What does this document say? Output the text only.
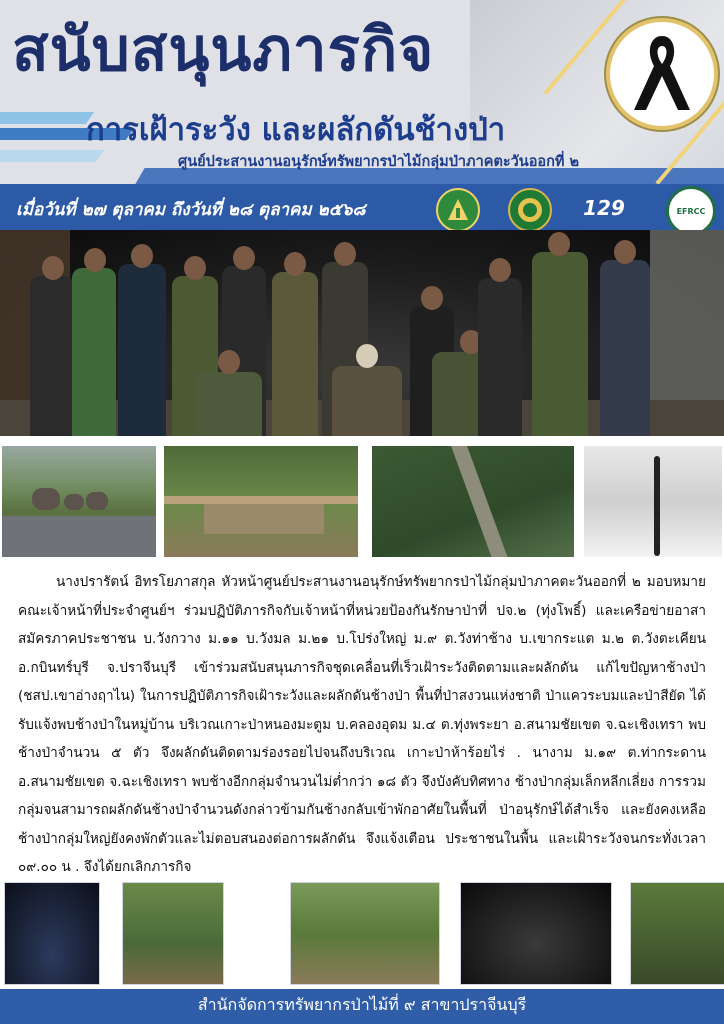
สนับสนุนภารกิจ
การเฝ้าระวัง และผลักดันช้างป่า
ศูนย์ประสานงานอนุรักษ์ทรัพยากรป่าไม้กลุ่มป่าภาคตะวันออกที่ ๒
เมื่อวันที่ ๒๗ ตุลาคม ถึงวันที่ ๒๘ ตุลาคม ๒๕๖๘	129	EFRCC
นางปรารัตน์ อิทรโยภาสกุล หัวหน้าศูนย์ประสานงานอนุรักษ์ทรัพยากรป่าไม้กลุ่มป่าภาคตะวันออกที่ ๒ มอบหมายคณะเจ้าหน้าที่ประจำศูนย์ฯ ร่วมปฏิบัติภารกิจกับเจ้าหน้าที่หน่วยป้องกันรักษาป่าที่ ปจ.๒ (ทุ่งโพธิ์) และเครือข่ายอาสาสมัครภาคประชาชน บ.วังกวาง ม.๑๑ บ.วังมล ม.๒๑ บ.โปร่งใหญ่ ม.๙ ต.วังท่าช้าง บ.เขากระแต ม.๒ ต.วังตะเคียน อ.กบินทร์บุรี จ.ปราจีนบุรี เข้าร่วมสนับสนุนภารกิจชุดเคลื่อนที่เร็วเฝ้าระวังติดตามและผลักดัน แก้ไขปัญหาช้างป่า (ชสป.เขาอ่างฤาไน) ในการปฏิบัติภารกิจเฝ้าระวังและผลักดันช้างป่า พื้นที่ป่าสงวนแห่งชาติ ป่าแควระบมและป่าสียัด ได้รับแจ้งพบช้างป่าในหมู่บ้าน บริเวณเกาะป่าหนองมะตูม บ.คลองอุดม ม.๔ ต.ทุ่งพระยา อ.สนามชัยเขต จ.ฉะเชิงเทรา พบช้างป่าจำนวน ๕ ตัว จึงผลักดันติดตามร่องรอยไปจนถึงบริเวณ เกาะป่าห้าร้อยไร่ . นางาม ม.๑๙ ต.ท่ากระดาน อ.สนามชัยเขต จ.ฉะเชิงเทรา พบช้างอีกกลุ่มจำนวนไม่ต่ำกว่า ๑๘ ตัว จึงบังคับทิศทาง ช้างป่ากลุ่มเล็กหลีกเลี่ยง การรวมกลุ่มจนสามารถผลักดันช้างป่าจำนวนดังกล่าวข้ามกันช้างกลับเข้าพักอาศัยในพื้นที่ ป่าอนุรักษ์ได้สำเร็จ และยังคงเหลือช้างป่ากลุ่มใหญ่ยังคงพักตัวและไม่ตอบสนองต่อการผลักดัน จึงแจ้งเตือน ประชาชนในพื้น และเฝ้าระวังจนกระทั่งเวลา ๐๙.๐๐ น . จึงได้ยกเลิกภารกิจ
สำนักจัดการทรัพยากรป่าไม้ที่ ๙ สาขาปราจีนบุรี
